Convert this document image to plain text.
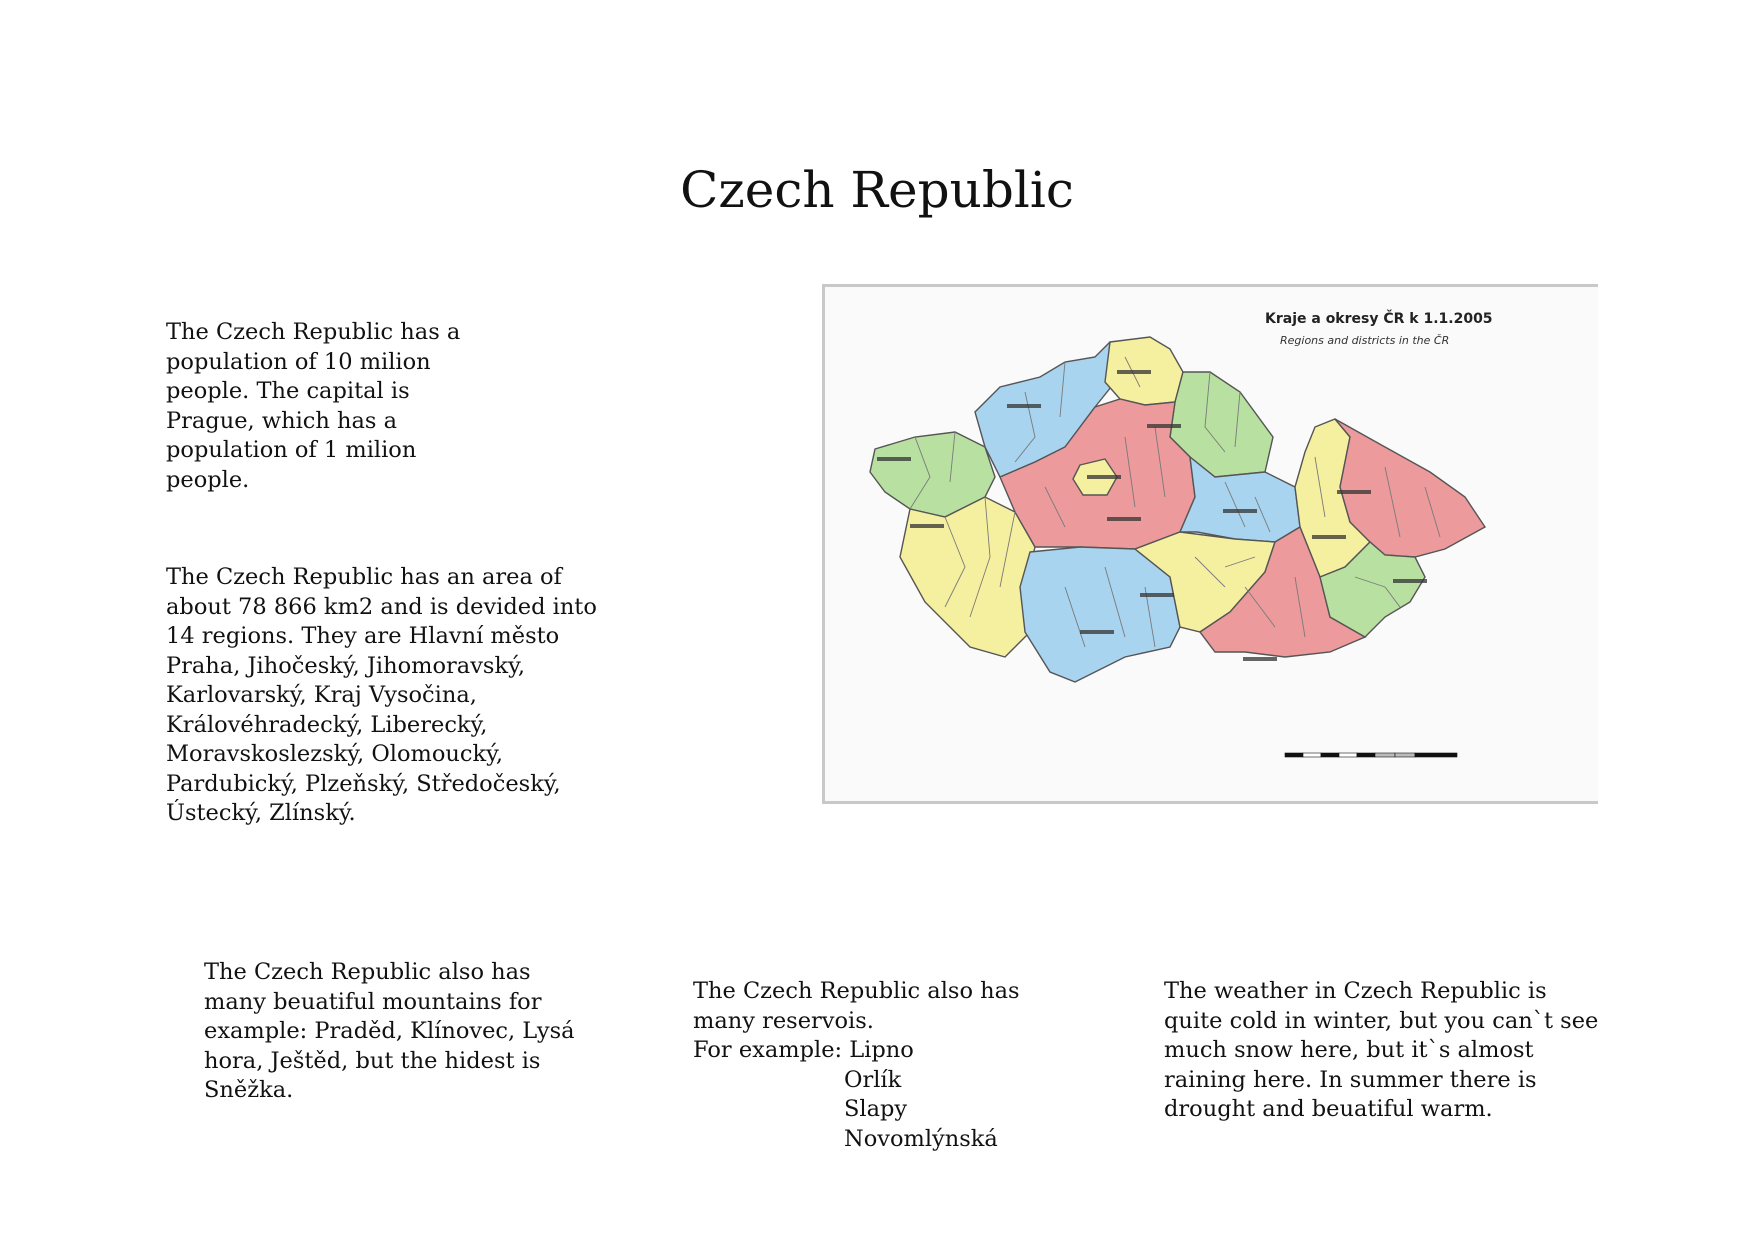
Czech Republic

The Czech Republic has a population of 10 milion people. The capital is Prague, which has a population of 1 milion people.

The Czech Republic has an area of about 78 866 km2 and is devided into 14 regions. They are Hlavní město Praha, Jihočeský, Jihomoravský, Karlovarský, Kraj Vysočina, Královéhradecký, Liberecký, Moravskoslezský, Olomoucký, Pardubický, Plzeňský, Středočeský, Ústecký, Zlínský.

Kraje a okresy ČR k 1.1.2005
Regions and districts in the ČR

The Czech Republic also has many beuatiful mountains for example: Praděd, Klínovec, Lysá hora, Ještěd, but the hidest is Sněžka.

The Czech Republic also has
many reservois.
For example: Lipno
Orlík
Slapy
Novomlýnská

The weather in Czech Republic is quite cold in winter, but you can`t see much snow here, but it`s almost raining here. In summer there is drought and beuatiful warm.
